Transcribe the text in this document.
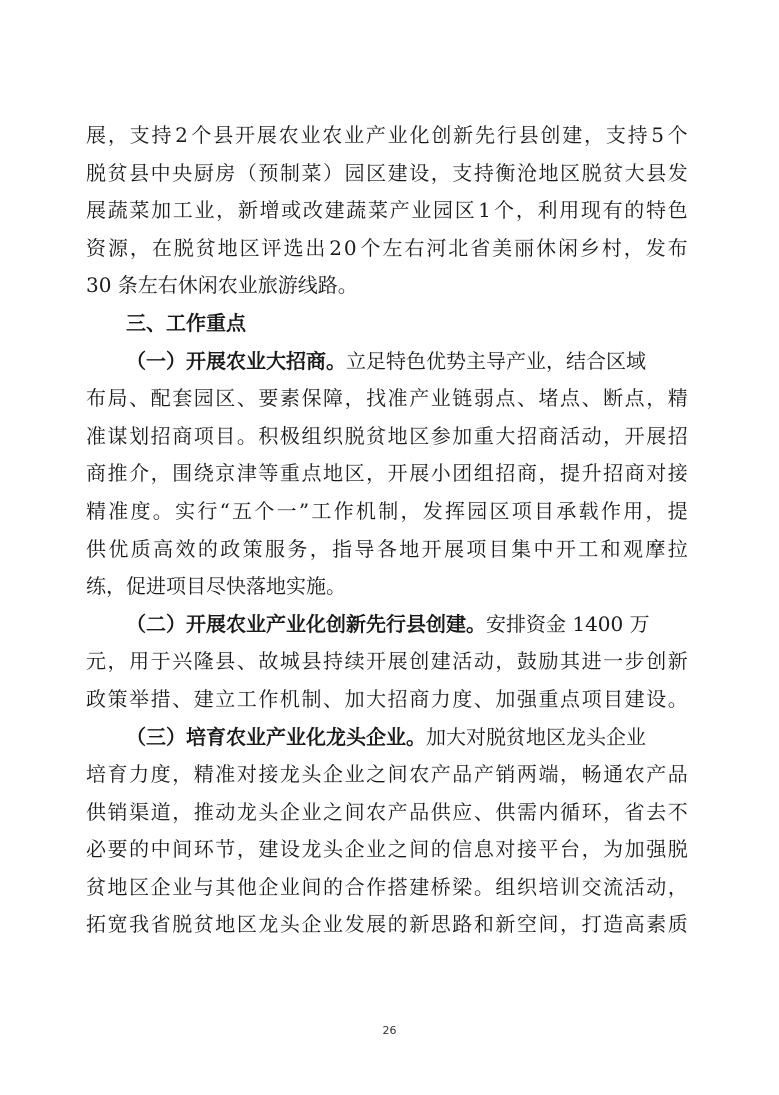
展 ， 支 持 2 个 县 开 展 农 业 农 业 产 业 化 创 新 先 行 县 创 建 ， 支 持 5 个
脱 贫 县 中 央 厨 房 （ 预 制 菜 ） 园 区 建 设 ， 支 持 衡 沧 地 区 脱 贫 大 县 发
展 蔬 菜 加 工 业 ， 新 增 或 改 建 蔬 菜 产 业 园 区 1 个 ， 利 用 现 有 的 特 色
资 源 ， 在 脱 贫 地 区 评 选 出 2 0 个 左 右 河 北 省 美 丽 休 闲 乡 村 ， 发 布
30 条左右休闲农业旅游线路。
三、工作重点
（一）开展农业大招商。 立足特色优势主导产业，结合区域
布 局 、 配 套 园 区 、 要 素 保 障 ， 找 准 产 业 链 弱 点 、 堵 点 、 断 点 ， 精
准 谋 划 招 商 项 目 。 积 极 组 织 脱 贫 地 区 参 加 重 大 招 商 活 动 ， 开 展 招
商 推 介 ， 围 绕 京 津 等 重 点 地 区 ， 开 展 小 团 组 招 商 ， 提 升 招 商 对 接
精 准 度 。 实 行 “ 五 个 一 ” 工 作 机 制 ， 发 挥 园 区 项 目 承 载 作 用 ， 提
供 优 质 高 效 的 政 策 服 务 ， 指 导 各 地 开 展 项 目 集 中 开 工 和 观 摩 拉
练，促进项目尽快落地实施。
（二）开展农业产业化创新先行县创建。 安排资金 1400 万
元 ， 用 于 兴 隆 县 、 故 城 县 持 续 开 展 创 建 活 动 ， 鼓 励 其 进 一 步 创 新
政 策 举 措 、 建 立 工 作 机 制 、 加 大 招 商 力 度 、 加 强 重 点 项 目 建 设 。
（三）培育农业产业化龙头企业。 加大对脱贫地区龙头企业
培 育 力 度 ， 精 准 对 接 龙 头 企 业 之 间 农 产 品 产 销 两 端 ， 畅 通 农 产 品
供 销 渠 道 ， 推 动 龙 头 企 业 之 间 农 产 品 供 应 、 供 需 内 循 环 ， 省 去 不
必 要 的 中 间 环 节 ， 建 设 龙 头 企 业 之 间 的 信 息 对 接 平 台 ， 为 加 强 脱
贫 地 区 企 业 与 其 他 企 业 间 的 合 作 搭 建 桥 梁 。 组 织 培 训 交 流 活 动 ，
拓 宽 我 省 脱 贫 地 区 龙 头 企 业 发 展 的 新 思 路 和 新 空 间 ， 打 造 高 素 质
26
